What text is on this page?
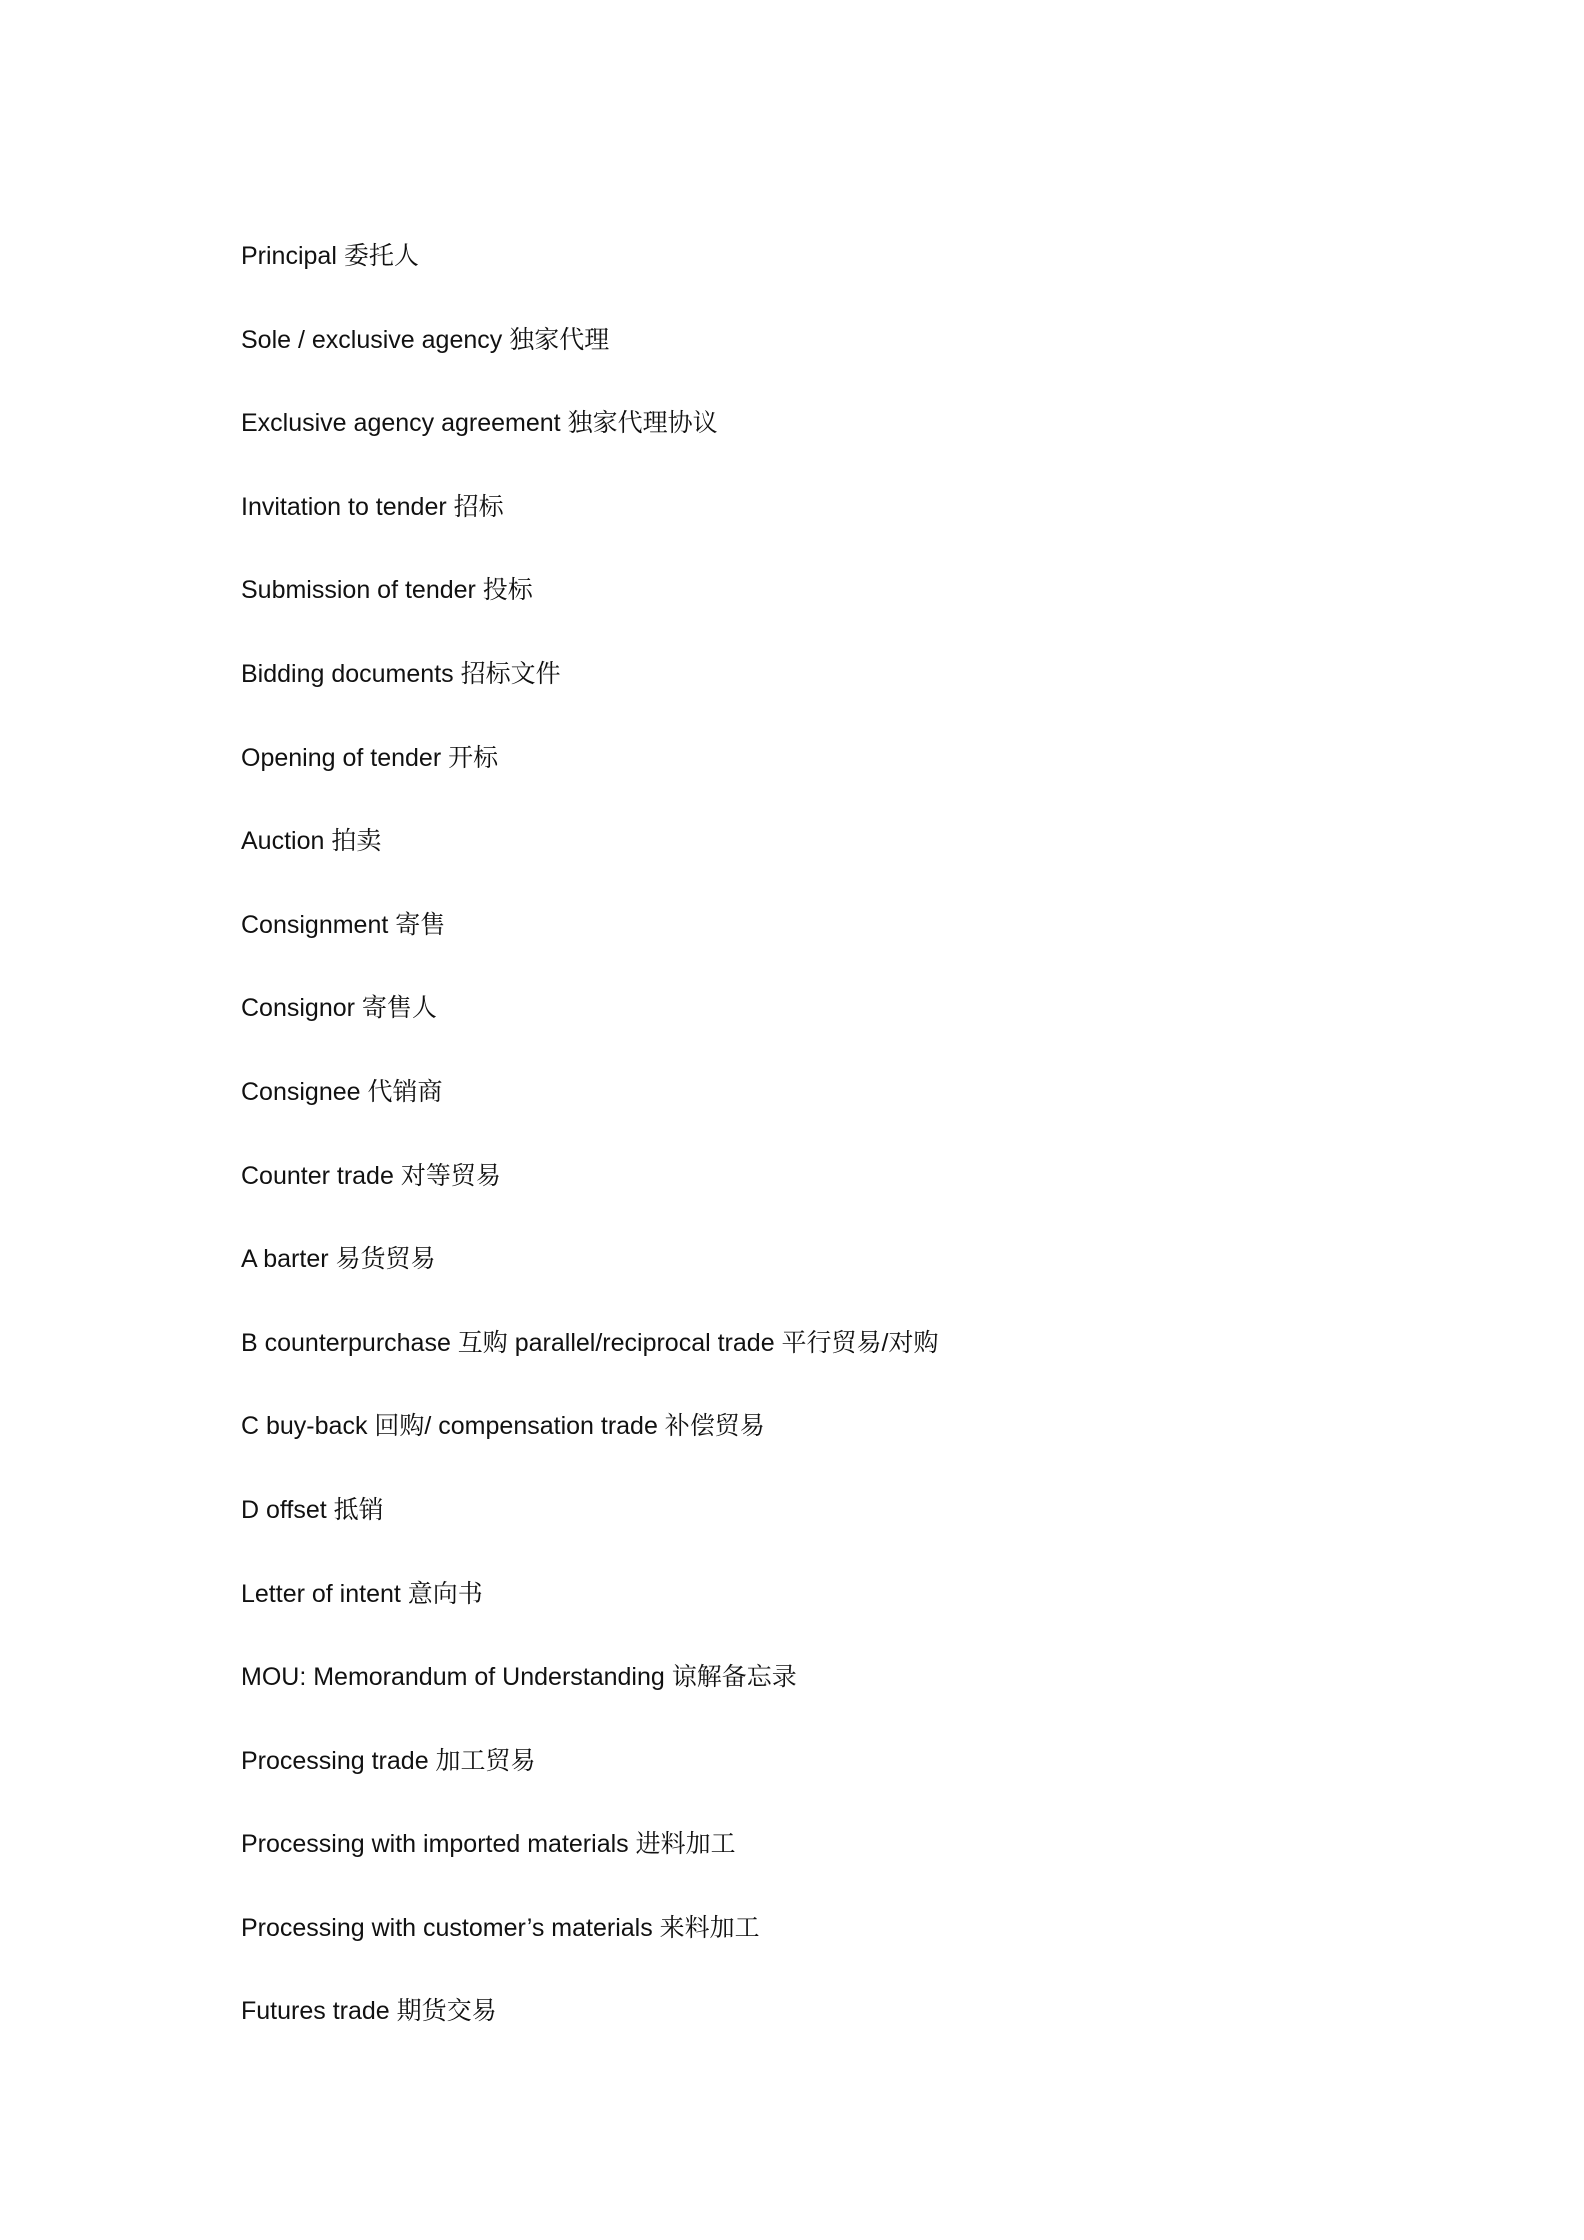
Principal 委托人
Sole / exclusive agency 独家代理
Exclusive agency agreement 独家代理协议
Invitation to tender 招标
Submission of tender 投标
Bidding documents 招标文件
Opening of tender 开标
Auction 拍卖
Consignment 寄售
Consignor 寄售人
Consignee 代销商
Counter trade 对等贸易
A barter 易货贸易
B counterpurchase 互购 parallel/reciprocal trade 平行贸易/对购
C buy-back 回购/ compensation trade 补偿贸易
D offset 抵销
Letter of intent 意向书
MOU: Memorandum of Understanding 谅解备忘录
Processing trade 加工贸易
Processing with imported materials 进料加工
Processing with customer’s materials 来料加工
Futures trade 期货交易
